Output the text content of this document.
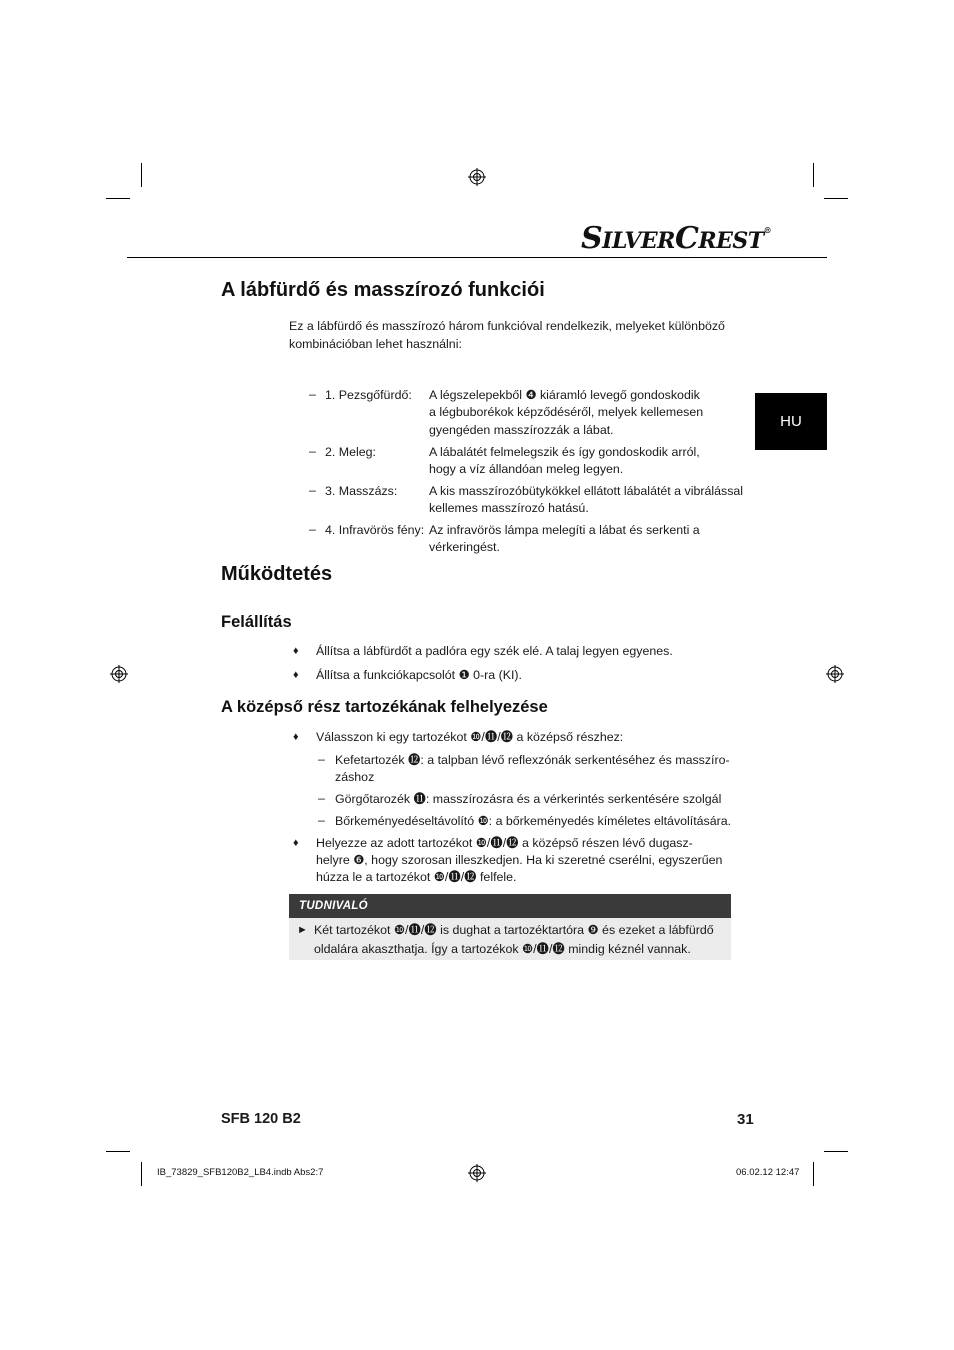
SILVERCREST®
A lábfürdő és masszírozó funkciói
Ez a lábfürdő és masszírozó három funkcióval rendelkezik, melyeket különböző
kombinációban lehet használni:
– 1. Pezsgőfürdő: A légszelepekből ❹ kiáramló levegő gondoskodik
a légbuborékok képződéséről, melyek kellemesen
gyengéden masszírozzák a lábat.
– 2. Meleg:	A lábalátét felmelegszik és így gondoskodik arról,
hogy a víz állandóan meleg legyen.
– 3. Masszázs:	A kis masszírozóbütykökkel ellátott lábalátét a vibrálással
kellemes masszírozó hatású.
– 4. Infravörös fény: Az infravörös lámpa melegíti a lábat és serkenti a
vérkeringést.
HU
Működtetés
Felállítás
♦ Állítsa a lábfürdőt a padlóra egy szék elé. A talaj legyen egyenes.
♦ Állítsa a funkciókapcsolót ❶ 0-ra (KI).
A középső rész tartozékának felhelyezése
♦ Válasszon ki egy tartozékot ❿/⓫/⓬ a középső részhez:
– Kefetartozék ⓬: a talpban lévő reflexzónák serkentéséhez és masszíro-
záshoz
– Görgőtarozék ⓫: masszírozásra és a vérkerintés serkentésére szolgál
– Bőrkeményedéseltávolító ❿: a bőrkeményedés kíméletes eltávolítására.
♦ Helyezze az adott tartozékot ❿/⓫/⓬ a középső részen lévő dugasz-
helyre ❻, hogy szorosan illeszkedjen. Ha ki szeretné cserélni, egyszerűen
húzza le a tartozékot ❿/⓫/⓬ felfele.
TUDNIVALÓ
► Két tartozékot ❿/⓫/⓬ is dughat a tartozéktartóra ❾ és ezeket a lábfürdő
oldalára akaszthatja. Így a tartozékok ❿/⓫/⓬ mindig kéznél vannak.
SFB 120 B2	31
IB_73829_SFB120B2_LB4.indb Abs2:7	06.02.12 12:47
